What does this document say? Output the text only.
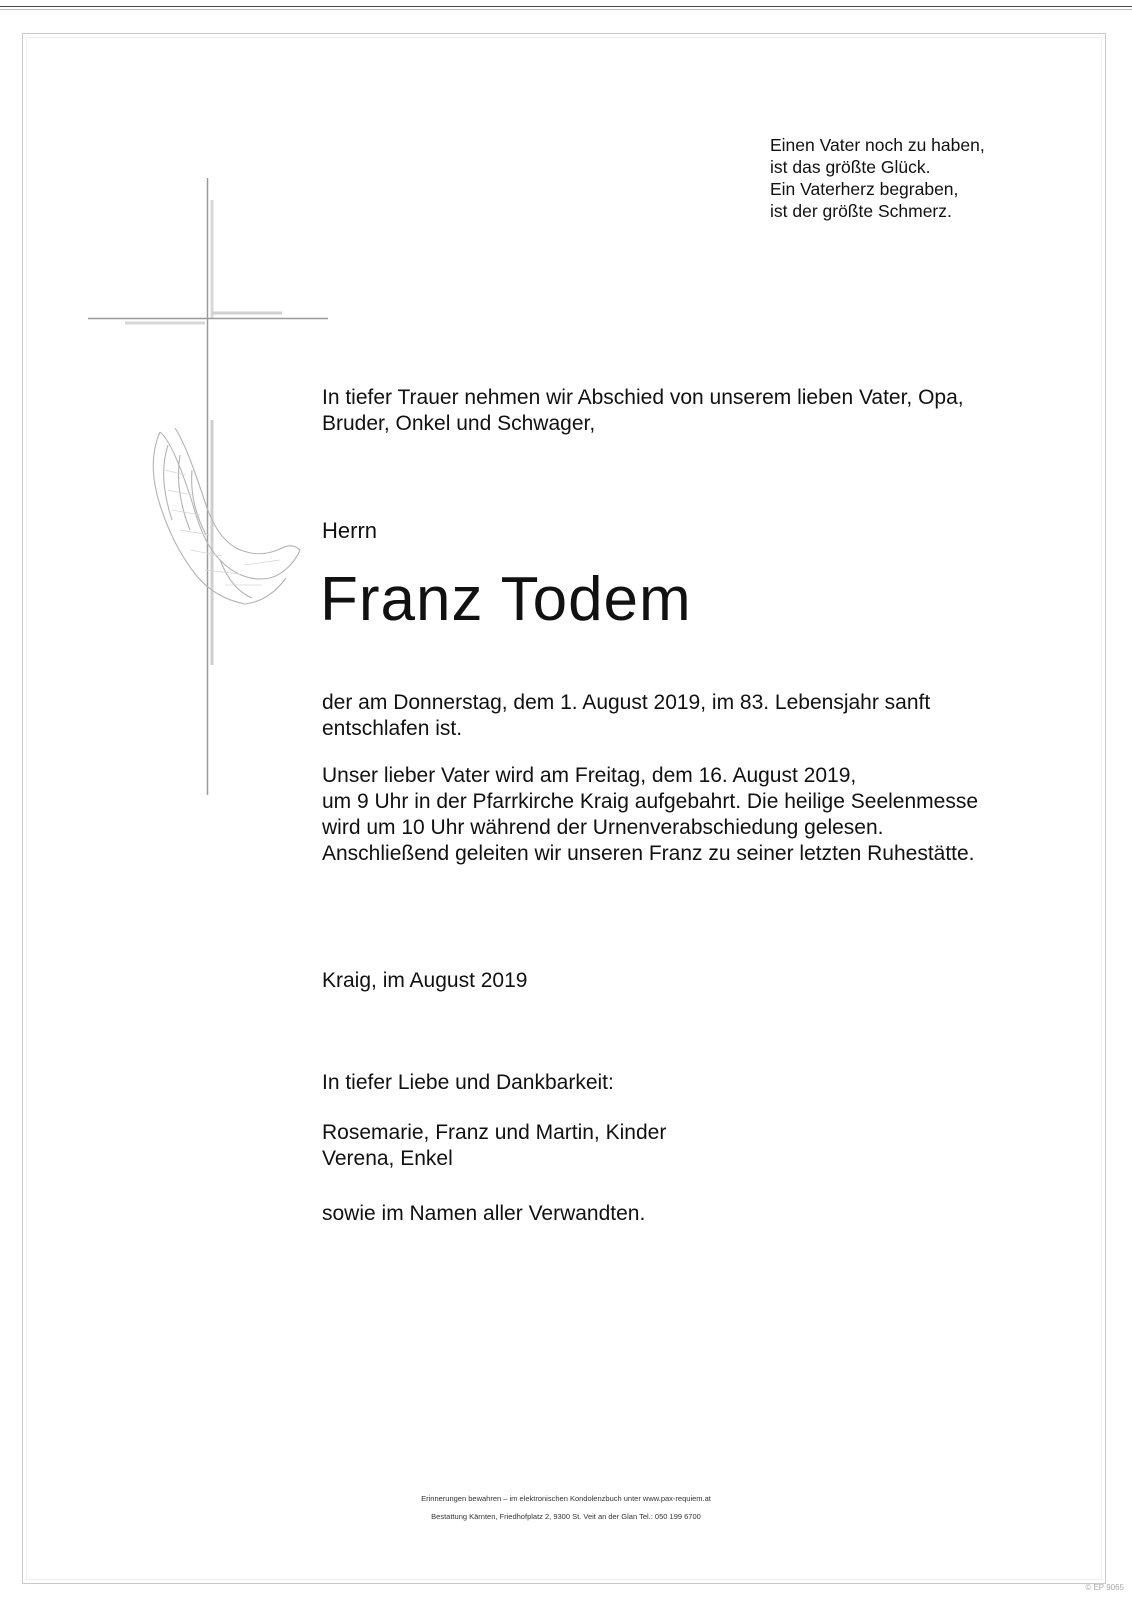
Einen Vater noch zu haben,
ist das größte Glück.
Ein Vaterherz begraben,
ist der größte Schmerz.
In tiefer Trauer nehmen wir Abschied von unserem lieben Vater, Opa,
Bruder, Onkel und Schwager,
Herrn
Franz Todem
der am Donnerstag, dem 1. August 2019, im 83. Lebensjahr sanft
entschlafen ist.
Unser lieber Vater wird am Freitag, dem 16. August 2019,
um 9 Uhr in der Pfarrkirche Kraig aufgebahrt. Die heilige Seelenmesse
wird um 10 Uhr während der Urnenverabschiedung gelesen.
Anschließend geleiten wir unseren Franz zu seiner letzten Ruhestätte.
Kraig, im August 2019
In tiefer Liebe und Dankbarkeit:
Rosemarie, Franz und Martin, Kinder
Verena, Enkel
sowie im Namen aller Verwandten.
Erinnerungen bewahren – im elektronischen Kondolenzbuch unter www.pax-requiem.at
Bestattung Kärnten, Friedhofplatz 2, 9300 St. Veit an der Glan Tel.: 050 199 6700
© EP 9065
